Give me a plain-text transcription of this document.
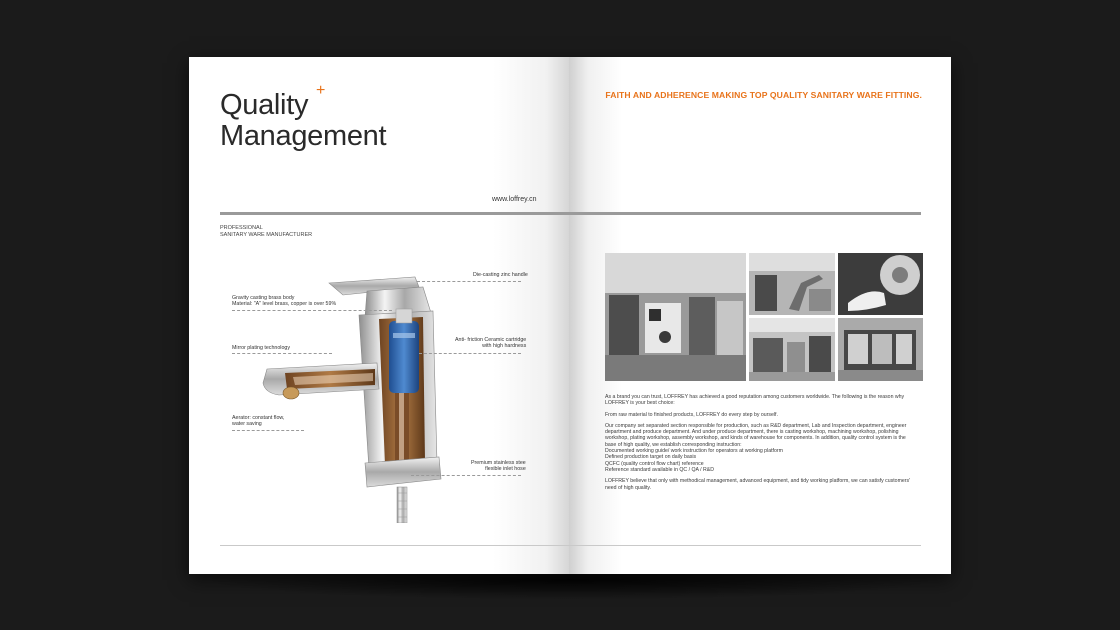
Quality
Management
+
www.loffrey.cn
PROFESSIONAL
SANITARY WARE MANUFACTURER
Die-casting zinc handle
Gravity casting brass body
Material: "A" level brass, copper is over 59%
Anti- friction Ceramic cartridge
with high hardness
Mirror plating technology
Aerator: constant flow,
water saving
Premium stainless stee
flexible inlet hose
FAITH AND ADHERENCE MAKING TOP QUALITY SANITARY WARE FITTING.

As a brand you can trust, LOFFREY has achieved a good reputation among customers worldwide. The following is the reason why
LOFFREY is your best choice:

From raw material to finished products, LOFFREY do every step by ourself.

Our company set separated section responsible for production, such as R&D department, Lab and Inspection department, engineer
department and produce department. And under produce department, there is casting workshop, machining workshop, polishing
workshop, plating workshop, assembly workshop, and kinds of warehouse for components. In addition, quality control system is the
base of high quality, we establish corresponding instruction:
Documented working guide/ work instruction for operators at working platform
Defined production target on daily basis
QCFC (quality control flow chart) reference
Reference standard available in QC / QA / R&D

LOFFREY believe that only with methodical management, advanced equipment, and tidy working platform, we can satisfy customers'
need of high quality.
